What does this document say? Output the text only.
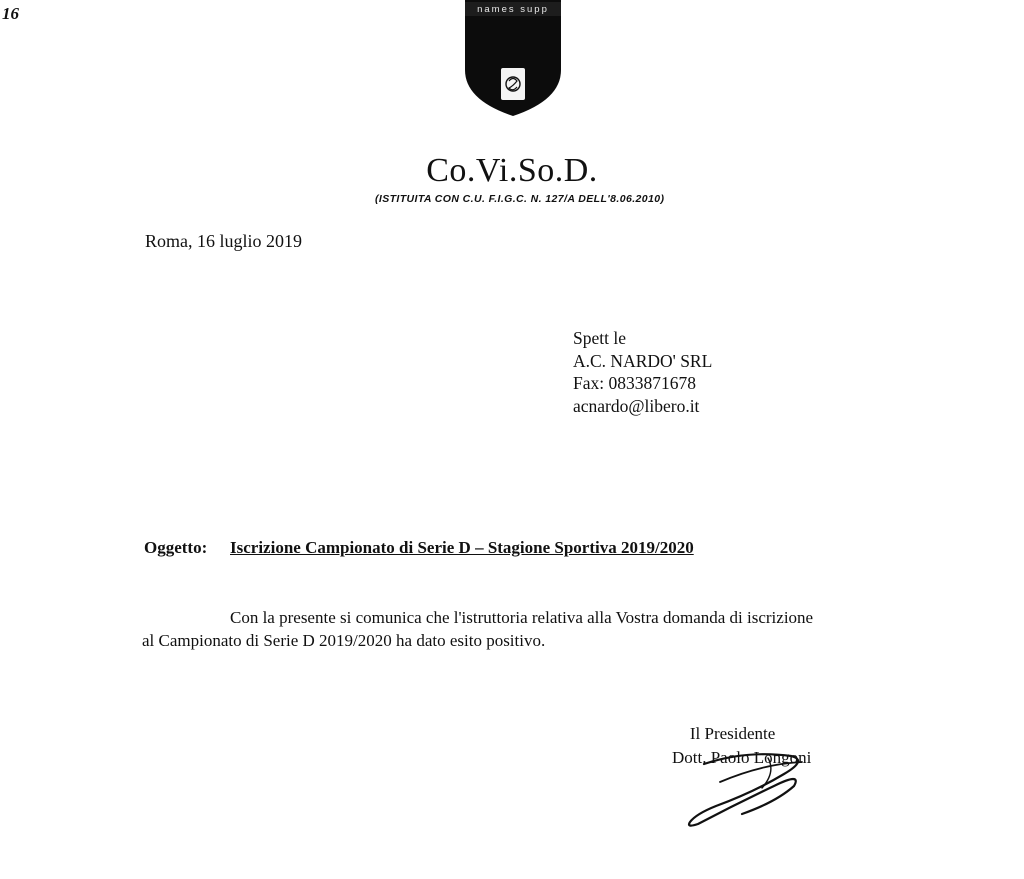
16	names supp
Co.Vi.So.D.
(ISTITUITA CON C.U. F.I.G.C. N. 127/A DELL'8.06.2010)
Roma, 16 luglio 2019
Spett le
A.C. NARDO' SRL
Fax: 0833871678
acnardo@libero.it
Oggetto: Iscrizione Campionato di Serie D – Stagione Sportiva 2019/2020
Con la presente si comunica che l'istruttoria relativa alla Vostra domanda di iscrizione
al Campionato di Serie D 2019/2020 ha dato esito positivo.
Il Presidente
Dott. Paolo Longoni
